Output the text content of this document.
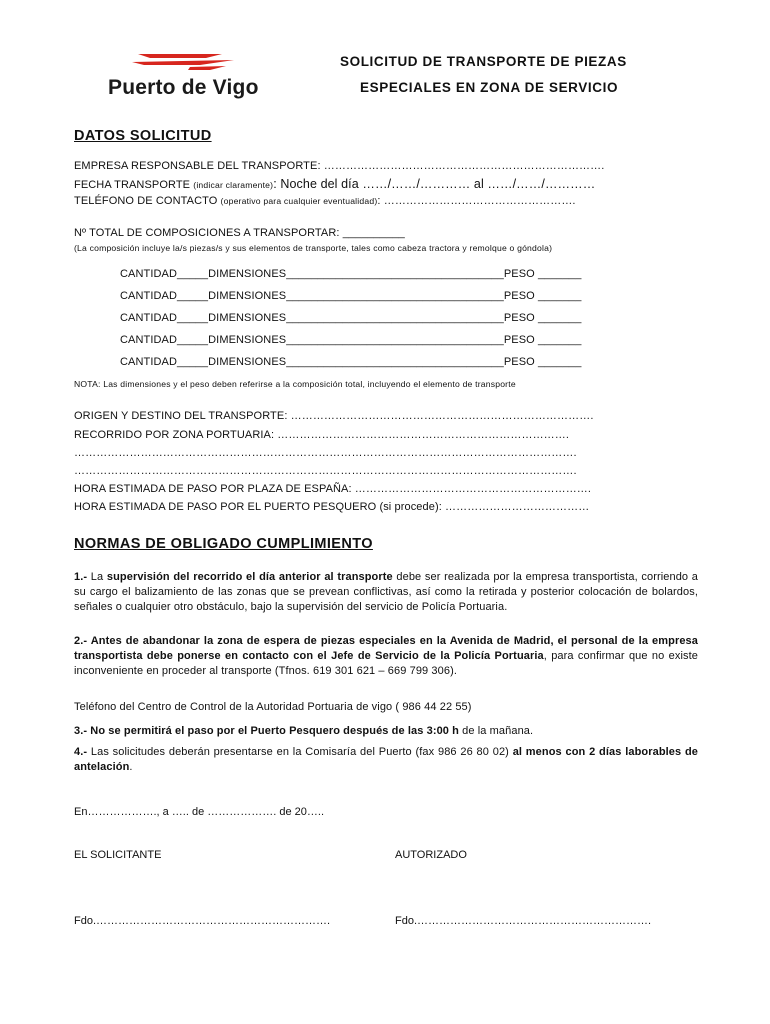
Puerto de Vigo
SOLICITUD DE TRANSPORTE DE PIEZAS
ESPECIALES EN ZONA DE SERVICIO
DATOS SOLICITUD
EMPRESA RESPONSABLE DEL TRANSPORTE: ………………………………………………………………….
FECHA TRANSPORTE (indicar claramente): Noche del día ……/……/………… al ……/……/…………
TELÉFONO DE CONTACTO (operativo para cualquier eventualidad): …………………………………………….
Nº TOTAL DE COMPOSICIONES A TRANSPORTAR: __________
(La composición incluye la/s piezas/s y sus elementos de transporte, tales como cabeza tractora y remolque o góndola)
CANTIDAD_____DIMENSIONES___________________________________PESO _______
CANTIDAD_____DIMENSIONES___________________________________PESO _______
CANTIDAD_____DIMENSIONES___________________________________PESO _______
CANTIDAD_____DIMENSIONES___________________________________PESO _______
CANTIDAD_____DIMENSIONES___________________________________PESO _______
NOTA: Las dimensiones y el peso deben referirse a la composición total, incluyendo el elemento de transporte
ORIGEN Y DESTINO DEL TRANSPORTE: ……………………………………………………………………….
RECORRIDO POR ZONA PORTUARIA: …………………………………………………………………….
……………………………………………………………………………………………………………………….
……………………………………………………………………………………………………………………….
HORA ESTIMADA DE PASO POR PLAZA DE ESPAÑA: ……………………………………………………….
HORA ESTIMADA DE PASO POR EL PUERTO PESQUERO (si procede): …………………………………
NORMAS DE OBLIGADO CUMPLIMIENTO
1.- La supervisión del recorrido el día anterior al transporte debe ser realizada por la empresa transportista, corriendo a su cargo el balizamiento de las zonas que se prevean conflictivas, así como la retirada y posterior colocación de bolardos, señales o cualquier otro obstáculo, bajo la supervisión del servicio de Policía Portuaria.
2.- Antes de abandonar la zona de espera de piezas especiales en la Avenida de Madrid, el personal de la empresa transportista debe ponerse en contacto con el Jefe de Servicio de la Policía Portuaria, para confirmar que no existe inconveniente en proceder al transporte (Tfnos. 619 301 621 – 669 799 306).
Teléfono del Centro de Control de la Autoridad Portuaria de vigo ( 986 44 22 55)
3.- No se permitirá el paso por el Puerto Pesquero después de las 3:00 h de la mañana.
4.- Las solicitudes deberán presentarse en la Comisaría del Puerto (fax 986 26 80 02) al menos con 2 días laborables de antelación.
En………………., a ….. de ………………. de 20…..
EL SOLICITANTE	AUTORIZADO
Fdo.……………………………………………………….	Fdo.……………………………………………………….
